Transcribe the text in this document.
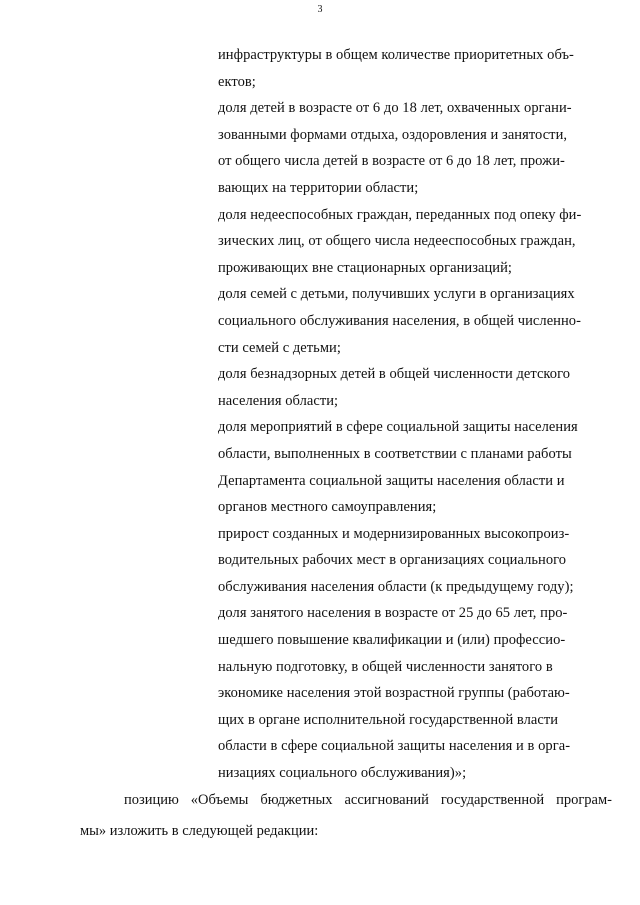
3
инфраструктуры в общем количестве приоритетных объ-
ектов;
доля детей в возрасте от 6 до 18 лет, охваченных органи-
зованными формами отдыха, оздоровления и занятости,
от общего числа детей в возрасте от 6 до 18 лет, прожи-
вающих на территории области;
доля недееспособных граждан, переданных под опеку фи-
зических лиц, от общего числа недееспособных граждан,
проживающих вне стационарных организаций;
доля семей с детьми, получивших услуги в организациях
социального обслуживания населения, в общей численно-
сти семей с детьми;
доля безнадзорных детей в общей численности детского
населения области;
доля мероприятий в сфере социальной защиты населения
области, выполненных в соответствии с планами работы
Департамента социальной защиты населения области и
органов местного самоуправления;
прирост созданных и модернизированных высокопроиз-
водительных рабочих мест в организациях социального
обслуживания населения области (к предыдущему году);
доля занятого населения в возрасте от 25 до 65 лет, про-
шедшего повышение квалификации и (или) профессио-
нальную подготовку, в общей численности занятого в
экономике населения этой возрастной группы (работаю-
щих в органе исполнительной государственной власти
области в сфере социальной защиты населения и в орга-
низациях социального обслуживания)»;
позицию «Объемы бюджетных ассигнований государственной програм-
мы» изложить в следующей редакции:
